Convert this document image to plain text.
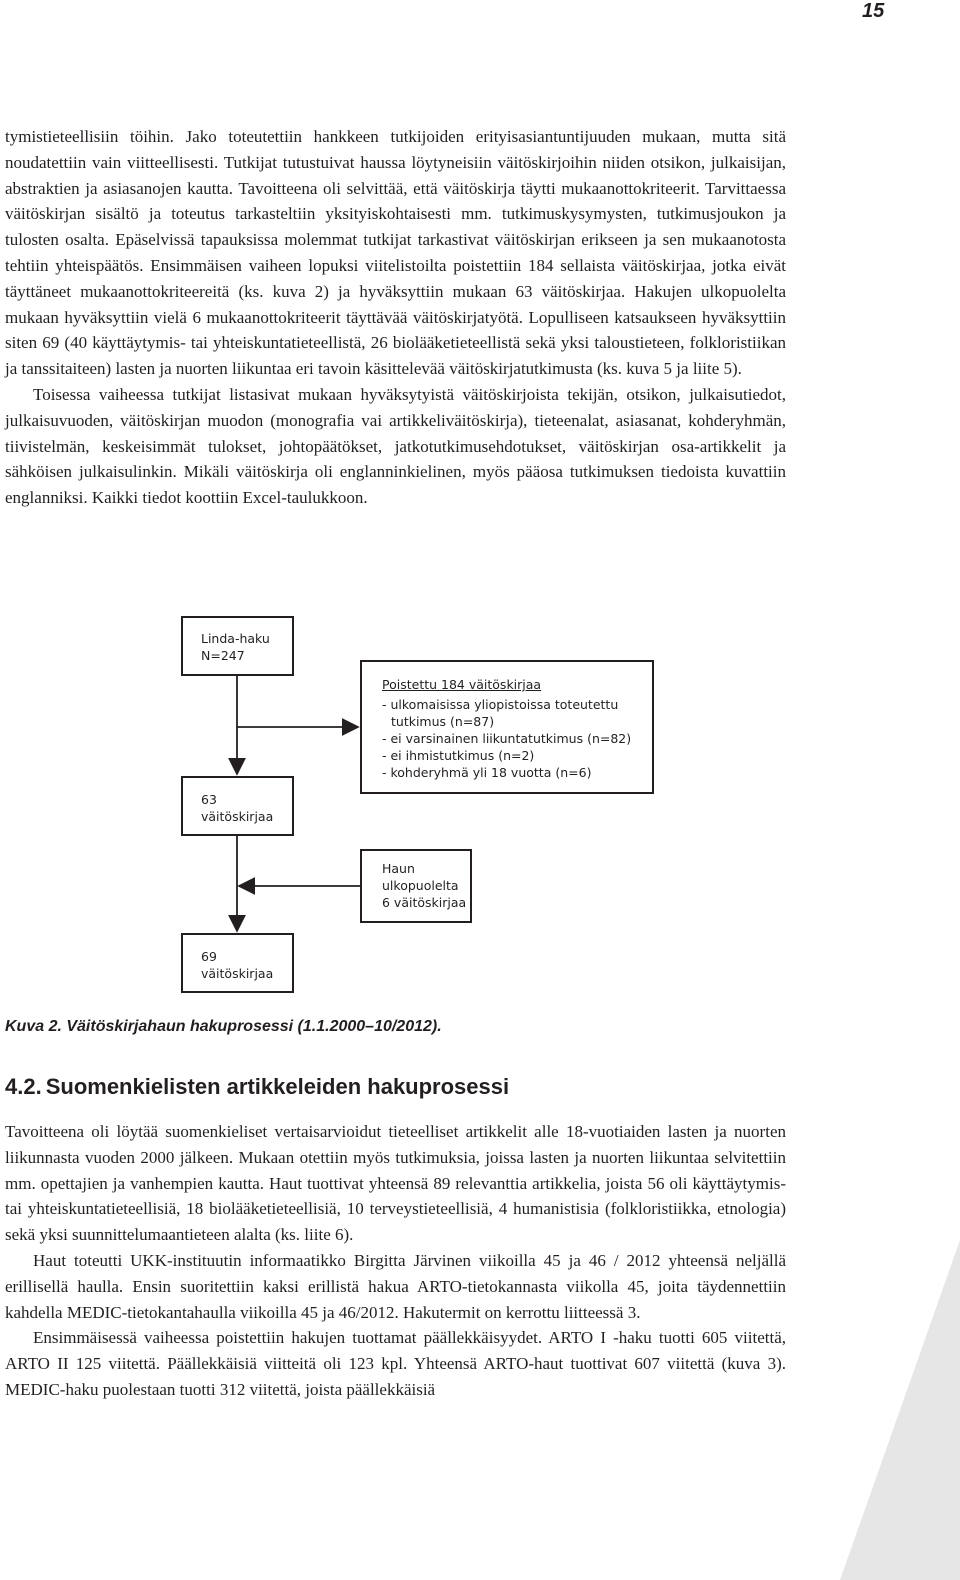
15

tymistieteellisiin töihin. Jako toteutettiin hankkeen tutkijoiden erityisasiantuntijuuden mukaan, mutta sitä noudatettiin vain viitteellisesti. Tutkijat tutustuivat haussa löytyneisiin väitöskirjoihin niiden otsikon, julkaisijan, abstraktien ja asiasanojen kautta. Tavoitteena oli selvittää, että väitöskirja täytti mukaanottokriteerit. Tarvittaessa väitöskirjan sisältö ja toteutus tarkasteltiin yksityiskohtaisesti mm. tutkimuskysymysten, tutkimusjoukon ja tulosten osalta. Epäselvissä tapauksissa molemmat tutkijat tarkastivat väitöskirjan erikseen ja sen mukaanotosta tehtiin yhteispäätös. Ensimmäisen vaiheen lopuksi viitelistoilta poistettiin 184 sellaista väitöskirjaa, jotka eivät täyttäneet mukaanottokriteereitä (ks. kuva 2) ja hyväksyttiin mukaan 63 väitöskirjaa. Hakujen ulkopuolelta mukaan hyväksyttiin vielä 6 mukaanottokriteerit täyttävää väitöskirjatyötä. Lopulliseen katsaukseen hyväksyttiin siten 69 (40 käyttäytymis- tai yhteiskuntatieteellistä, 26 biolääketieteellistä sekä yksi taloustieteen, folkloristiikan ja tanssitaiteen) lasten ja nuorten liikuntaa eri tavoin käsittelevää väitöskirjatutkimusta (ks. kuva 5 ja liite 5).

Toisessa vaiheessa tutkijat listasivat mukaan hyväksytyistä väitöskirjoista tekijän, otsikon, julkaisutiedot, julkaisuvuoden, väitöskirjan muodon (monografia vai artikkeliväitöskirja), tieteenalat, asiasanat, kohderyhmän, tiivistelmän, keskeisimmät tulokset, johtopäätökset, jatkotutkimusehdotukset, väitöskirjan osa-artikkelit ja sähköisen julkaisulinkin. Mikäli väitöskirja oli englanninkielinen, myös pääosa tutkimuksen tiedoista kuvattiin englanniksi. Kaikki tiedot koottiin Excel-taulukkoon.

Linda-haku
N=247
Poistettu 184 väitöskirjaa
- ulkomaisissa yliopistoissa toteutettu
tutkimus (n=87)
- ei varsinainen liikuntatutkimus (n=82)
- ei ihmistutkimus (n=2)
- kohderyhmä yli 18 vuotta (n=6)
63
väitöskirjaa
Haun
ulkopuolelta
6 väitöskirjaa
69
väitöskirjaa
Kuva 2. Väitöskirjahaun hakuprosessi (1.1.2000–10/2012).
4.2. Suomenkielisten artikkeleiden hakuprosessi

Tavoitteena oli löytää suomenkieliset vertaisarvioidut tieteelliset artikkelit alle 18-vuotiaiden lasten ja nuorten liikunnasta vuoden 2000 jälkeen. Mukaan otettiin myös tutkimuksia, joissa lasten ja nuorten liikuntaa selvitettiin mm. opettajien ja vanhempien kautta. Haut tuottivat yhteensä 89 relevanttia artikkelia, joista 56 oli käyttäytymis- tai yhteiskuntatieteellisiä, 18 biolääketieteellisiä, 10 terveystieteellisiä, 4 humanistisia (folkloristiikka, etnologia) sekä yksi suunnittelumaantieteen alalta (ks. liite 6).

Haut toteutti UKK-instituutin informaatikko Birgitta Järvinen viikoilla 45 ja 46 / 2012 yhteensä neljällä erillisellä haulla. Ensin suoritettiin kaksi erillistä hakua ARTO-tietokannasta viikolla 45, joita täydennettiin kahdella MEDIC-tietokantahaulla viikoilla 45 ja 46/2012. Hakutermit on kerrottu liitteessä 3.

Ensimmäisessä vaiheessa poistettiin hakujen tuottamat päällekkäisyydet. ARTO I -haku tuotti 605 viitettä, ARTO II 125 viitettä. Päällekkäisiä viitteitä oli 123 kpl. Yhteensä ARTO-haut tuottivat 607 viitettä (kuva 3). MEDIC-haku puolestaan tuotti 312 viitettä, joista päällekkäisiä
